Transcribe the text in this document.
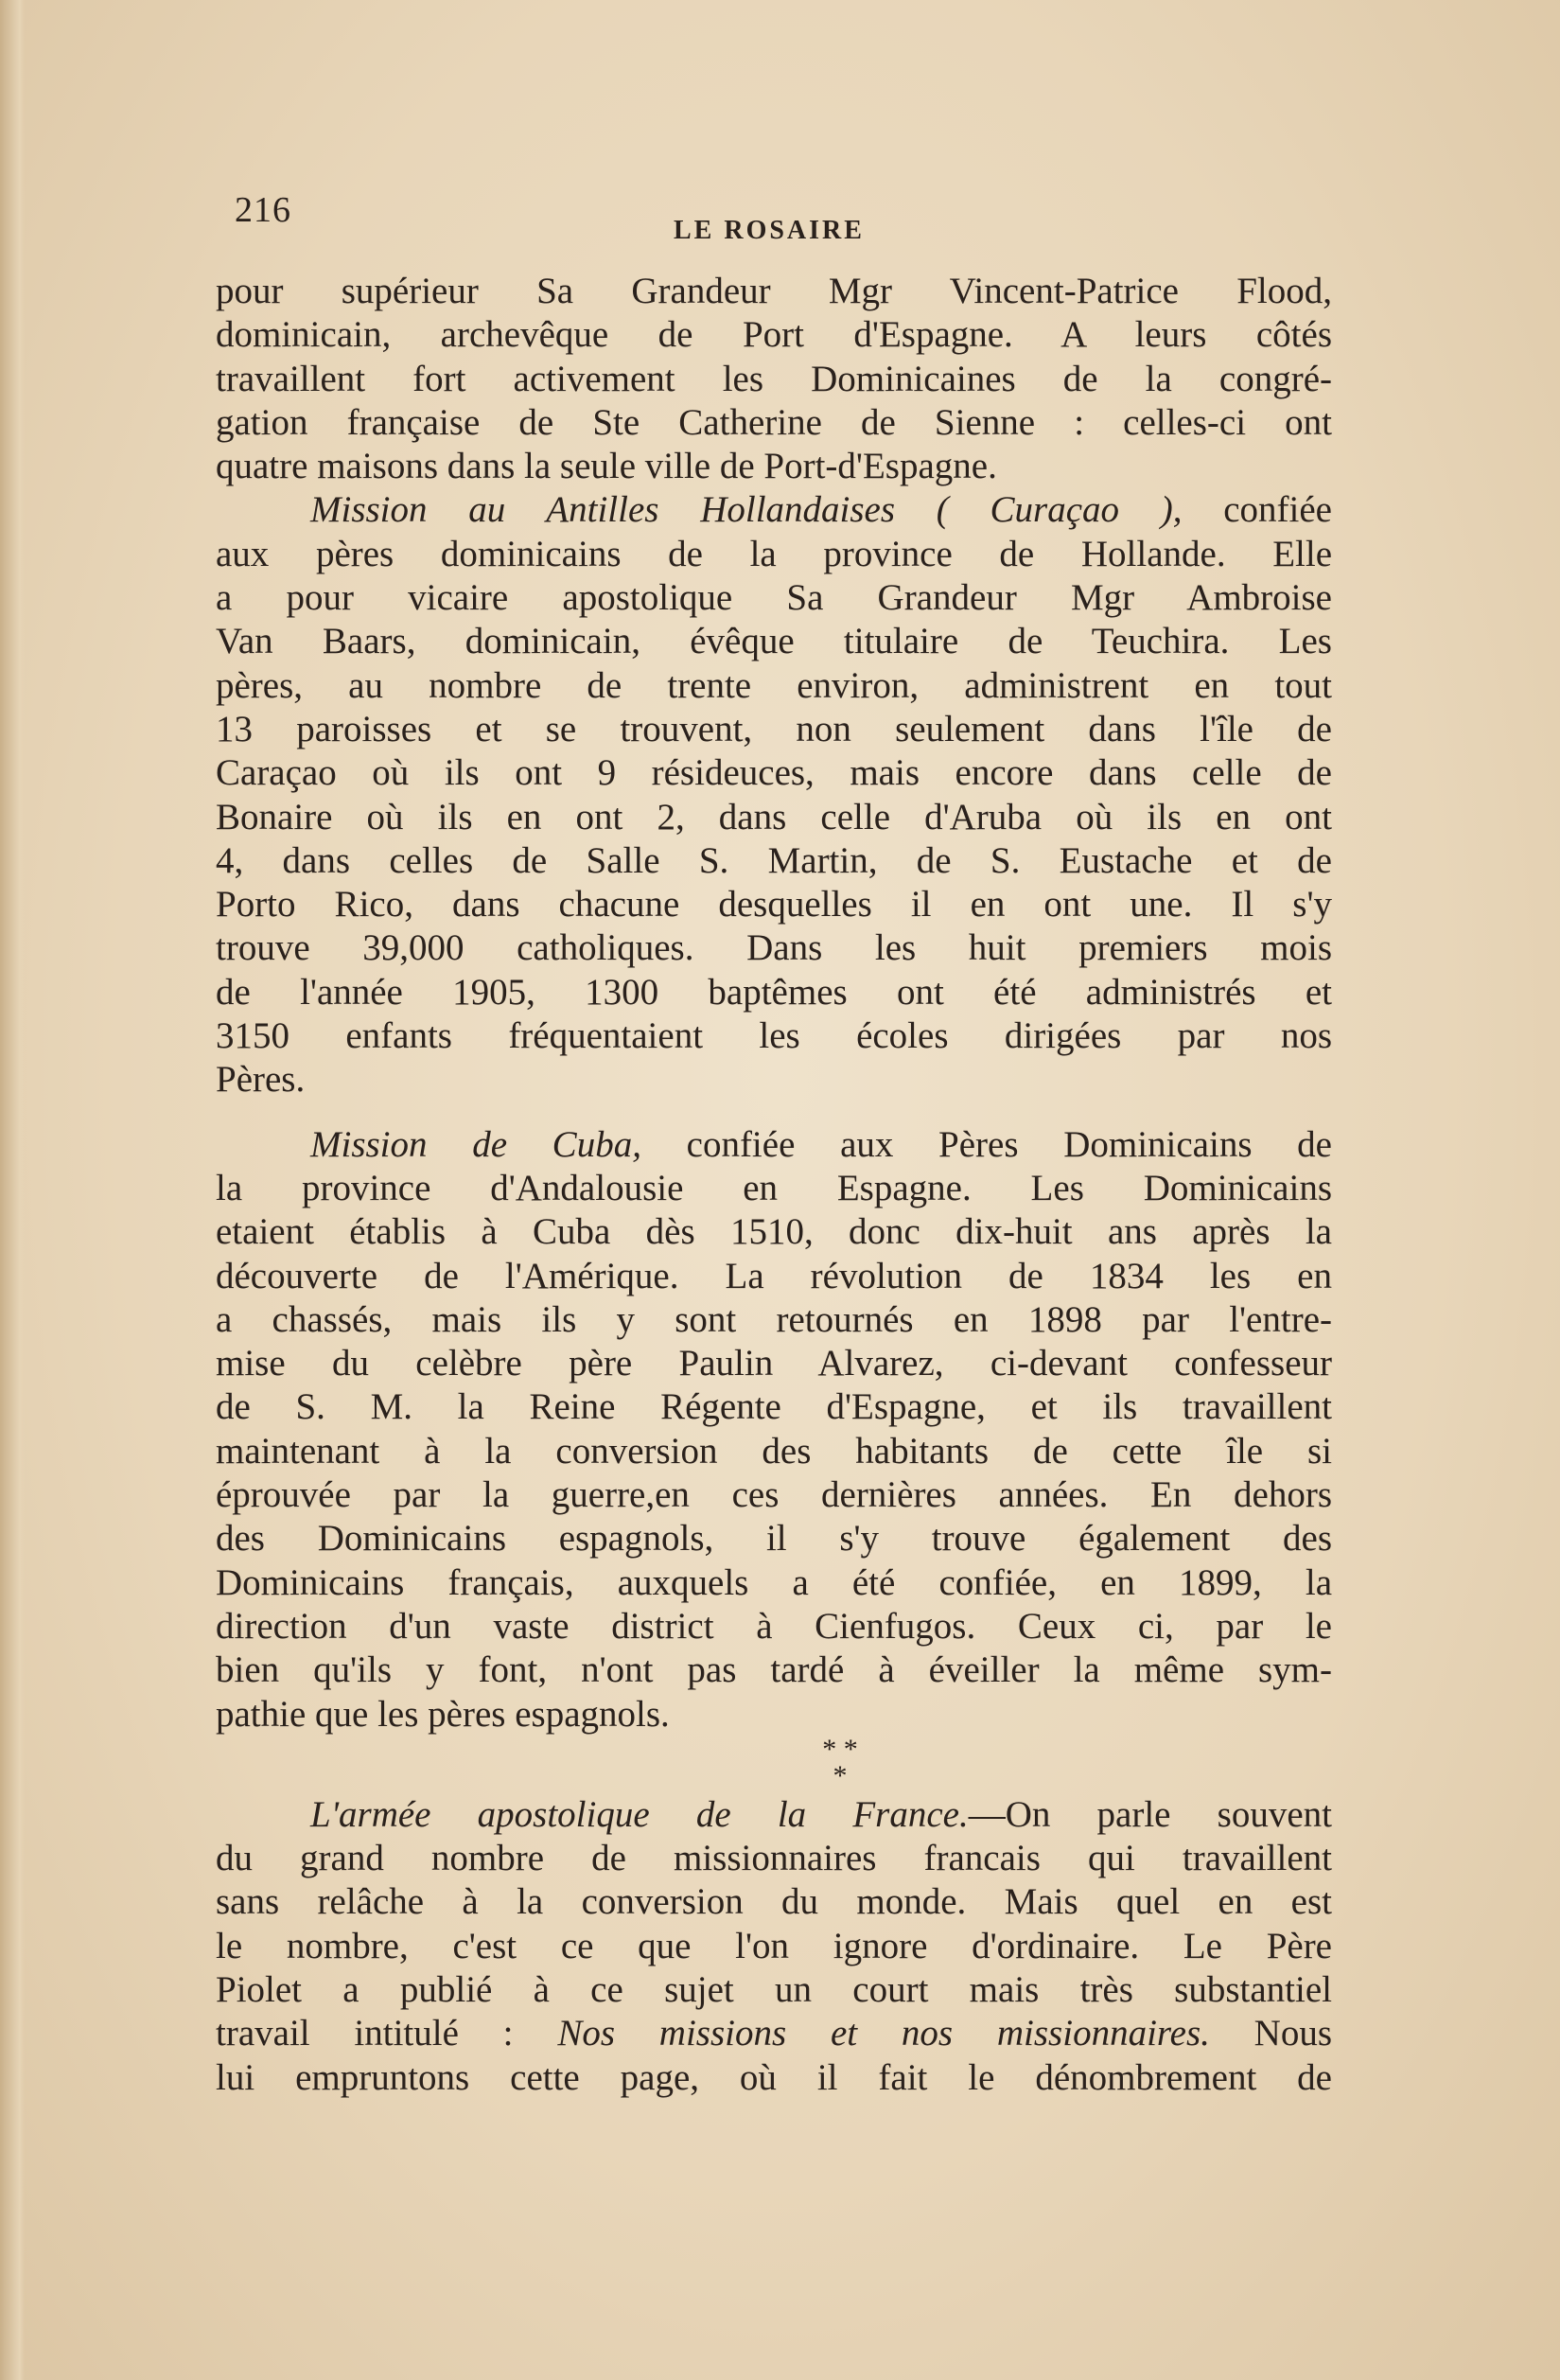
216
LE ROSAIRE
pour supérieur Sa Grandeur Mgr Vincent-Patrice Flood,
dominicain, archevêque de Port d'Espagne. A leurs côtés
travaillent fort activement les Dominicaines de la congré-
gation française de Ste Catherine de Sienne : celles-ci ont
quatre maisons dans la seule ville de Port-d'Espagne.
Mission au Antilles Hollandaises ( Curaçao ), confiée
aux pères dominicains de la province de Hollande. Elle
a pour vicaire apostolique Sa Grandeur Mgr Ambroise
Van Baars, dominicain, évêque titulaire de Teuchira. Les
pères, au nombre de trente environ, administrent en tout
13 paroisses et se trouvent, non seulement dans l'île de
Caraçao où ils ont 9 résideuces, mais encore dans celle de
Bonaire où ils en ont 2, dans celle d'Aruba où ils en ont
4, dans celles de Salle S. Martin, de S. Eustache et de
Porto Rico, dans chacune desquelles il en ont une. Il s'y
trouve 39,000 catholiques. Dans les huit premiers mois
de l'année 1905, 1300 baptêmes ont été administrés et
3150 enfants fréquentaient les écoles dirigées par nos
Pères.
Mission de Cuba, confiée aux Pères Dominicains de
la province d'Andalousie en Espagne. Les Dominicains
etaient établis à Cuba dès 1510, donc dix-huit ans après la
découverte de l'Amérique. La révolution de 1834 les en
a chassés, mais ils y sont retournés en 1898 par l'entre-
mise du celèbre père Paulin Alvarez, ci-devant confesseur
de S. M. la Reine Régente d'Espagne, et ils travaillent
maintenant à la conversion des habitants de cette île si
éprouvée par la guerre,en ces dernières années. En dehors
des Dominicains espagnols, il s'y trouve également des
Dominicains français, auxquels a été confiée, en 1899, la
direction d'un vaste district à Cienfugos. Ceux ci, par le
bien qu'ils y font, n'ont pas tardé à éveiller la même sym-
pathie que les pères espagnols.
* *
*
L'armée apostolique de la France.—On parle souvent
du grand nombre de missionnaires francais qui travaillent
sans relâche à la conversion du monde. Mais quel en est
le nombre, c'est ce que l'on ignore d'ordinaire. Le Père
Piolet a publié à ce sujet un court mais très substantiel
travail intitulé : Nos missions et nos missionnaires. Nous
lui empruntons cette page, où il fait le dénombrement de
